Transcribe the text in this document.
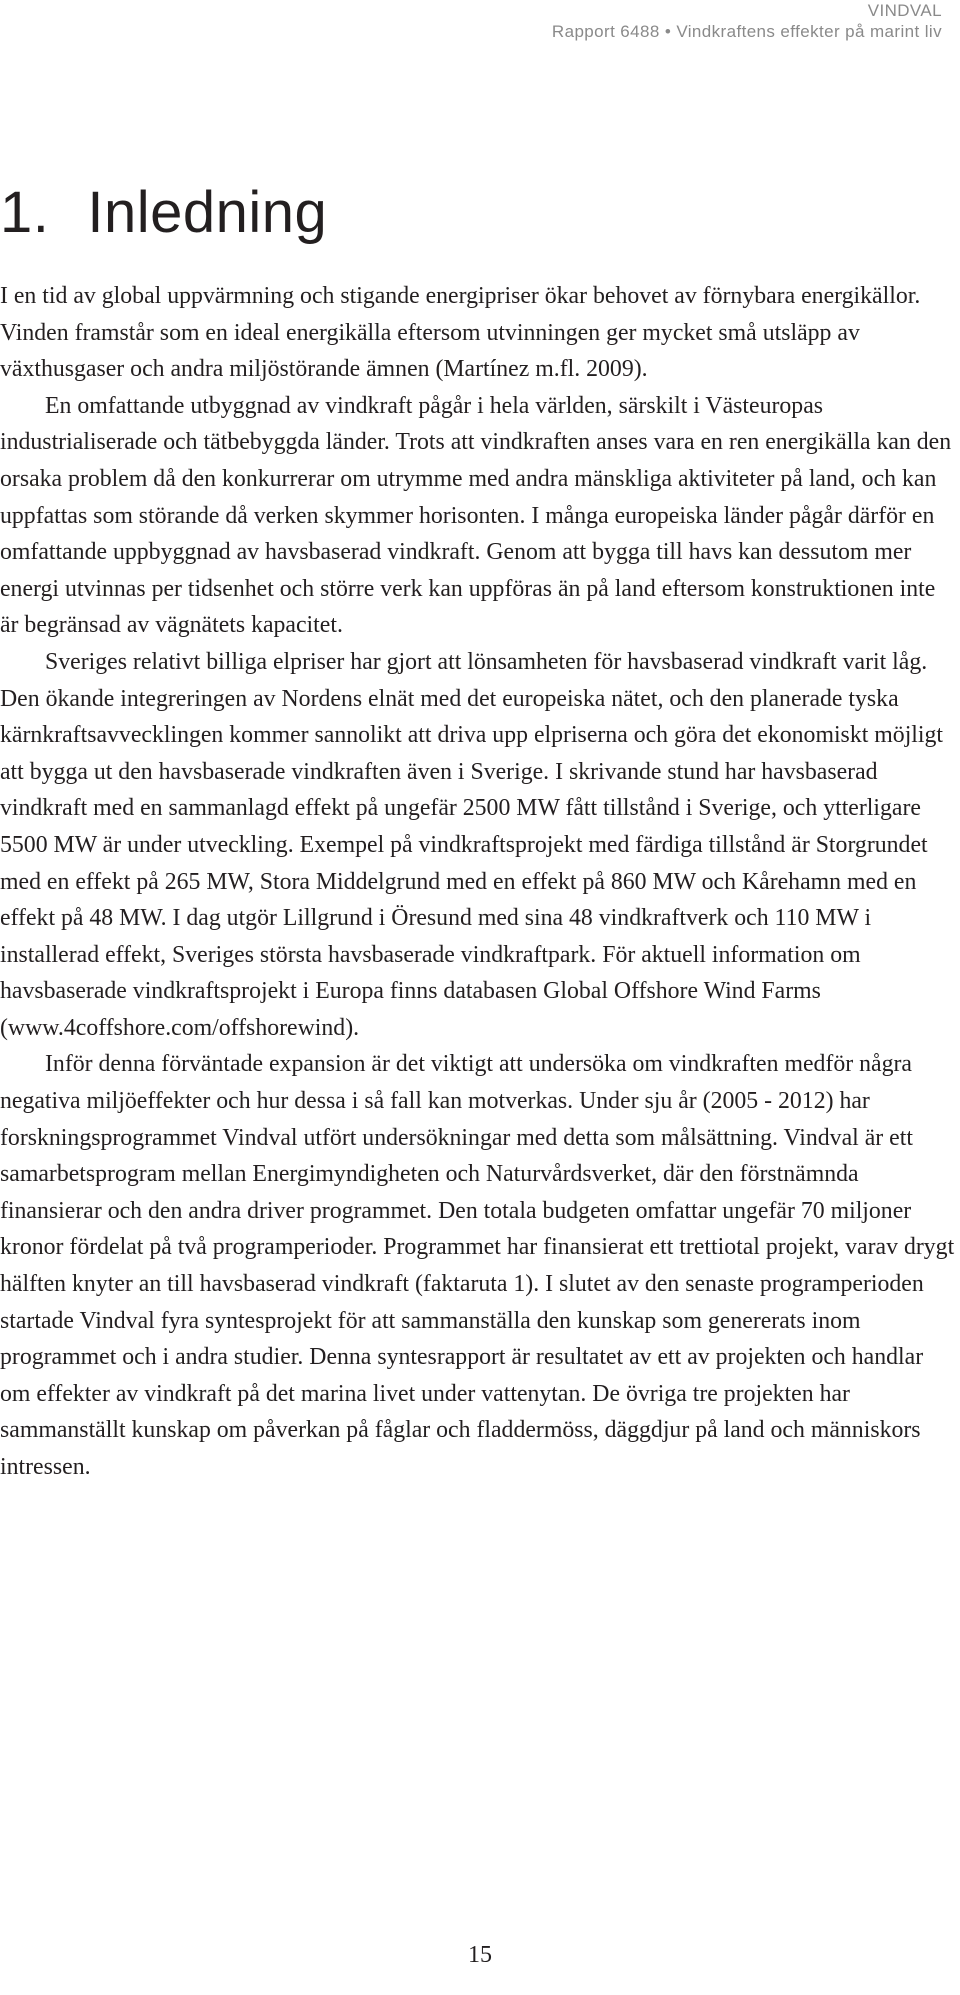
VINDVAL
Rapport 6488 • Vindkraftens effekter på marint liv
1. Inledning

I en tid av global uppvärmning och stigande energipriser ökar behovet av förnybara energikällor. Vinden framstår som en ideal energikälla eftersom utvinningen ger mycket små utsläpp av växthusgaser och andra miljöstörande ämnen (Martínez m.fl. 2009).

En omfattande utbyggnad av vindkraft pågår i hela världen, särskilt i Västeuropas industrialiserade och tätbebyggda länder. Trots att vindkraften anses vara en ren energikälla kan den orsaka problem då den konkurrerar om utrymme med andra mänskliga aktiviteter på land, och kan uppfattas som störande då verken skymmer horisonten. I många europeiska länder pågår därför en omfattande uppbyggnad av havsbaserad vindkraft. Genom att bygga till havs kan dessutom mer energi utvinnas per tidsenhet och större verk kan uppföras än på land eftersom konstruktionen inte är begränsad av vägnätets kapacitet.

Sveriges relativt billiga elpriser har gjort att lönsamheten för havsbaserad vindkraft varit låg. Den ökande integreringen av Nordens elnät med det europeiska nätet, och den planerade tyska kärnkraftsavvecklingen kommer sannolikt att driva upp elpriserna och göra det ekonomiskt möjligt att bygga ut den havsbaserade vindkraften även i Sverige. I skrivande stund har havsbaserad vindkraft med en sammanlagd effekt på ungefär 2500 MW fått tillstånd i Sverige, och ytterligare 5500 MW är under utveckling. Exempel på vindkraftsprojekt med färdiga tillstånd är Storgrundet med en effekt på 265 MW, Stora Middelgrund med en effekt på 860 MW och Kårehamn med en effekt på 48 MW. I dag utgör Lillgrund i Öresund med sina 48 vindkraftverk och 110 MW i installerad effekt, Sveriges största havsbaserade vindkraftpark. För aktuell information om havsbaserade vindkraftsprojekt i Europa finns databasen Global Offshore Wind Farms (www.4coffshore.com/offshorewind).

Inför denna förväntade expansion är det viktigt att undersöka om vindkraften medför några negativa miljöeffekter och hur dessa i så fall kan motverkas. Under sju år (2005 - 2012) har forskningsprogrammet Vindval utfört undersökningar med detta som målsättning. Vindval är ett samarbetsprogram mellan Energimyndigheten och Naturvårdsverket, där den förstnämnda finansierar och den andra driver programmet. Den totala budgeten omfattar ungefär 70 miljoner kronor fördelat på två programperioder. Programmet har finansierat ett trettiotal projekt, varav drygt hälften knyter an till havsbaserad vindkraft (faktaruta 1). I slutet av den senaste programperioden startade Vindval fyra syntesprojekt för att sammanställa den kunskap som genererats inom programmet och i andra studier. Denna syntesrapport är resultatet av ett av projekten och handlar om effekter av vindkraft på det marina livet under vattenytan. De övriga tre projekten har sammanställt kunskap om påverkan på fåglar och fladdermöss, däggdjur på land och människors intressen.

15
